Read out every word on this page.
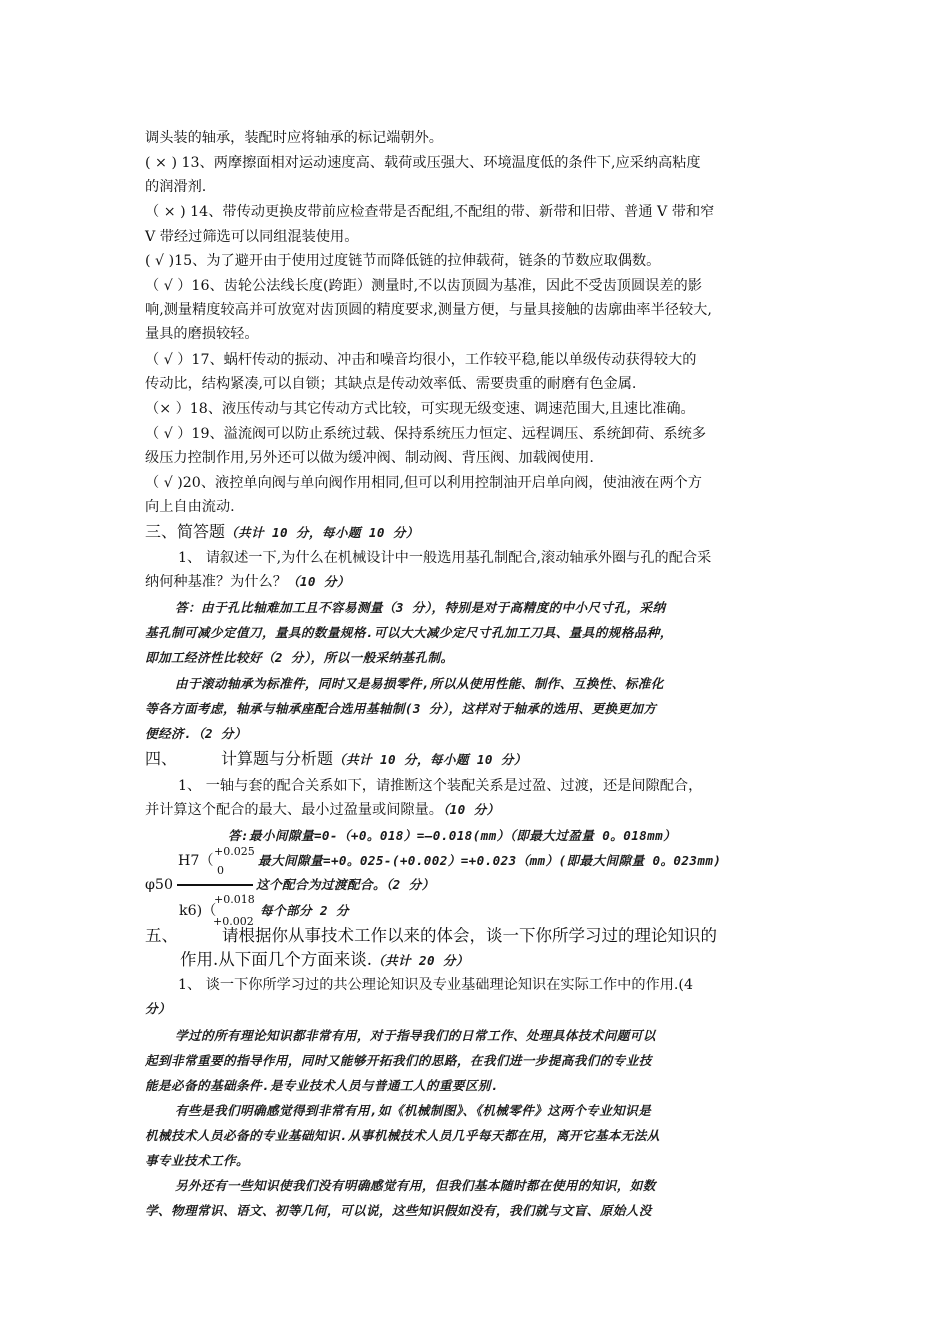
调头装的轴承，装配时应将轴承的标记端朝外。
( × ) 13、两摩擦面相对运动速度高、载荷或压强大、环境温度低的条件下,应采纳高粘度
的润滑剂.
（ × ) 14、带传动更换皮带前应检查带是否配组,不配组的带、新带和旧带、普通 V 带和窄
V 带经过筛选可以同组混装使用。
( √ )15、为了避开由于使用过度链节而降低链的拉伸载荷，链条的节数应取偶数。
（ √ ）16、齿轮公法线长度(跨距）测量时,不以齿顶圆为基准，因此不受齿顶圆误差的影
响,测量精度较高并可放宽对齿顶圆的精度要求,测量方便，与量具接触的齿廓曲率半径较大,
量具的磨损较轻。
（ √ ）17、蜗杆传动的振动、冲击和噪音均很小，工作较平稳,能以单级传动获得较大的
传动比，结构紧凑,可以自锁；其缺点是传动效率低、需要贵重的耐磨有色金属.
（× ）18、液压传动与其它传动方式比较，可实现无级变速、调速范围大,且速比准确。
（ √ ）19、溢流阀可以防止系统过载、保持系统压力恒定、远程调压、系统卸荷、系统多
级压力控制作用,另外还可以做为缓冲阀、制动阀、背压阀、加载阀使用.
（ √ )20、液控单向阀与单向阀作用相同,但可以利用控制油开启单向阀，使油液在两个方
向上自由流动.
三、简答题（共计 10 分，每小题 10 分）
1、 请叙述一下,为什么在机械设计中一般选用基孔制配合,滚动轴承外圈与孔的配合采
纳何种基准？为什么？（10 分）
答：由于孔比轴难加工且不容易测量（3 分），特别是对于高精度的中小尺寸孔，采纳
基孔制可减少定值刀，量具的数量规格.可以大大减少定尺寸孔加工刀具、量具的规格品种，
即加工经济性比较好（2 分），所以一般采纳基孔制。
由于滚动轴承为标准件，同时又是易损零件,所以从使用性能、制作、互换性、标准化
等各方面考虑，轴承与轴承座配合选用基轴制(3 分），这样对于轴承的选用、更换更加方
便经济.（2 分）
四、	计算题与分析题（共计 10 分，每小题 10 分）
1、 一轴与套的配合关系如下，请推断这个装配关系是过盈、过渡，还是间隙配合，
并计算这个配合的最大、最小过盈量或间隙量。（10 分）
答:最小间隙量=0-（+0。018）=—0.018(mm）（即最大过盈量 0。018mm）
H7（
+0.025
0
最大间隙量=+0。025-(+0.002）=+0.023（mm）(即最大间隙量 0。023mm)
φ50	这个配合为过渡配合。（2 分）
+0.018
k6)（	每个部分 2 分
+0.002
五、	请根据你从事技术工作以来的体会，谈一下你所学习过的理论知识的
作用.从下面几个方面来谈.（共计 20 分）
1、 谈一下你所学习过的共公理论知识及专业基础理论知识在实际工作中的作用.(4
分）
学过的所有理论知识都非常有用，对于指导我们的日常工作、处理具体技术问题可以
起到非常重要的指导作用，同时又能够开拓我们的思路，在我们进一步提高我们的专业技
能是必备的基础条件.是专业技术人员与普通工人的重要区别.
有些是我们明确感觉得到非常有用,如《机械制图》、《机械零件》这两个专业知识是
机械技术人员必备的专业基础知识.从事机械技术人员几乎每天都在用，离开它基本无法从
事专业技术工作。
另外还有一些知识使我们没有明确感觉有用，但我们基本随时都在使用的知识，如数
学、物理常识、语文、初等几何，可以说，这些知识假如没有，我们就与文盲、原始人没
